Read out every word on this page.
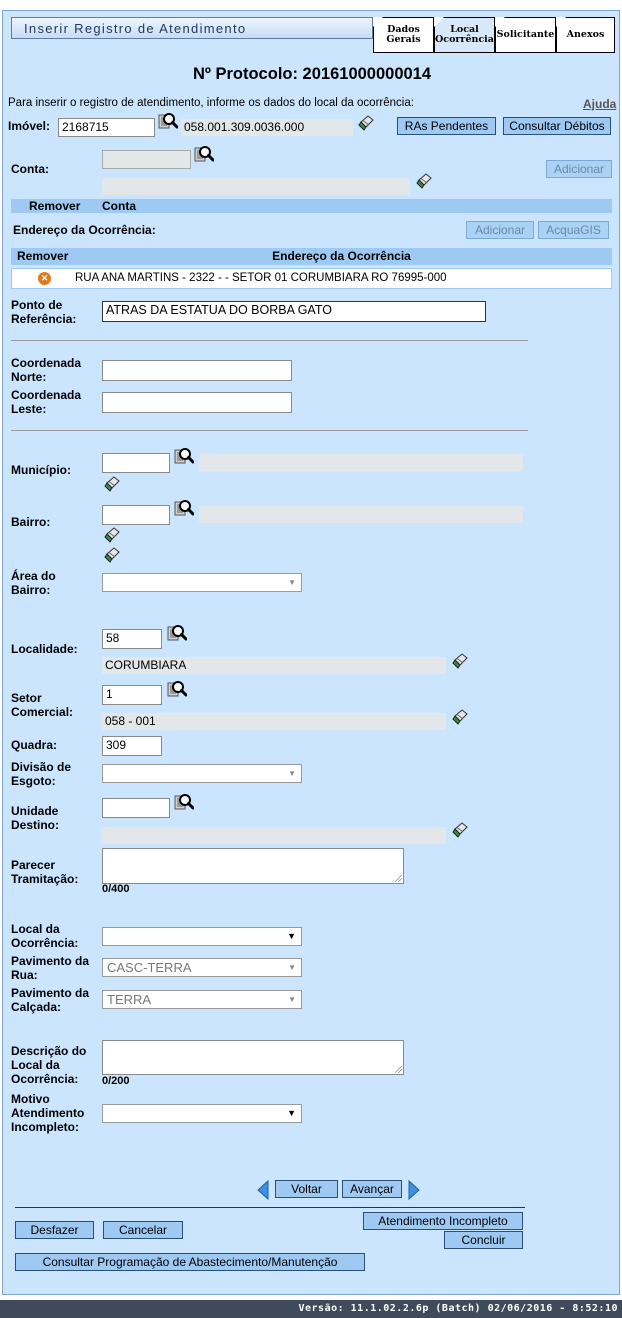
Inserir Registro de Atendimento	Dados
Gerais
Local
Ocorrência Solicitante Anexos
Nº Protocolo: 20161000000014
Para inserir o registro de atendimento, informe os dados do local da ocorrência:	Ajuda
Imóvel: 2168715	058.001.309.0036.000	RAs Pendentes	Consultar Débitos
Conta:	Adicionar
Remover Conta
Endereço da Ocorrência:	Adicionar	AcquaGIS
Remover	Endereço da Ocorrência
✕ RUA ANA MARTINS - 2322 - - SETOR 01 CORUMBIARA RO 76995-000
Ponto de
Referência:
ATRAS DA ESTATUA DO BORBA GATO
Coordenada
Norte:
Coordenada
Leste:
Município:
Bairro:
Área do
Bairro:
▼
Localidade:
58
CORUMBIARA
Setor
Comercial:
1
058 - 001
Quadra:	309
Divisão de
Esgoto:
▼
Unidade
Destino:
Parecer
Tramitação:
0/400
Local da
Ocorrência:	▼
Pavimento da
Rua:	CASC-TERRA	▼
Pavimento da
Calçada:	TERRA	▼
Descrição do
Local da
Ocorrência:	0/200
Motivo
Atendimento
Incompleto:
▼
Voltar	Avançar
Atendimento Incompleto
Concluir
Desfazer	Cancelar
Consultar Programação de Abastecimento/Manutenção
Versão: 11.1.02.2.6p (Batch) 02/06/2016 - 8:52:10
